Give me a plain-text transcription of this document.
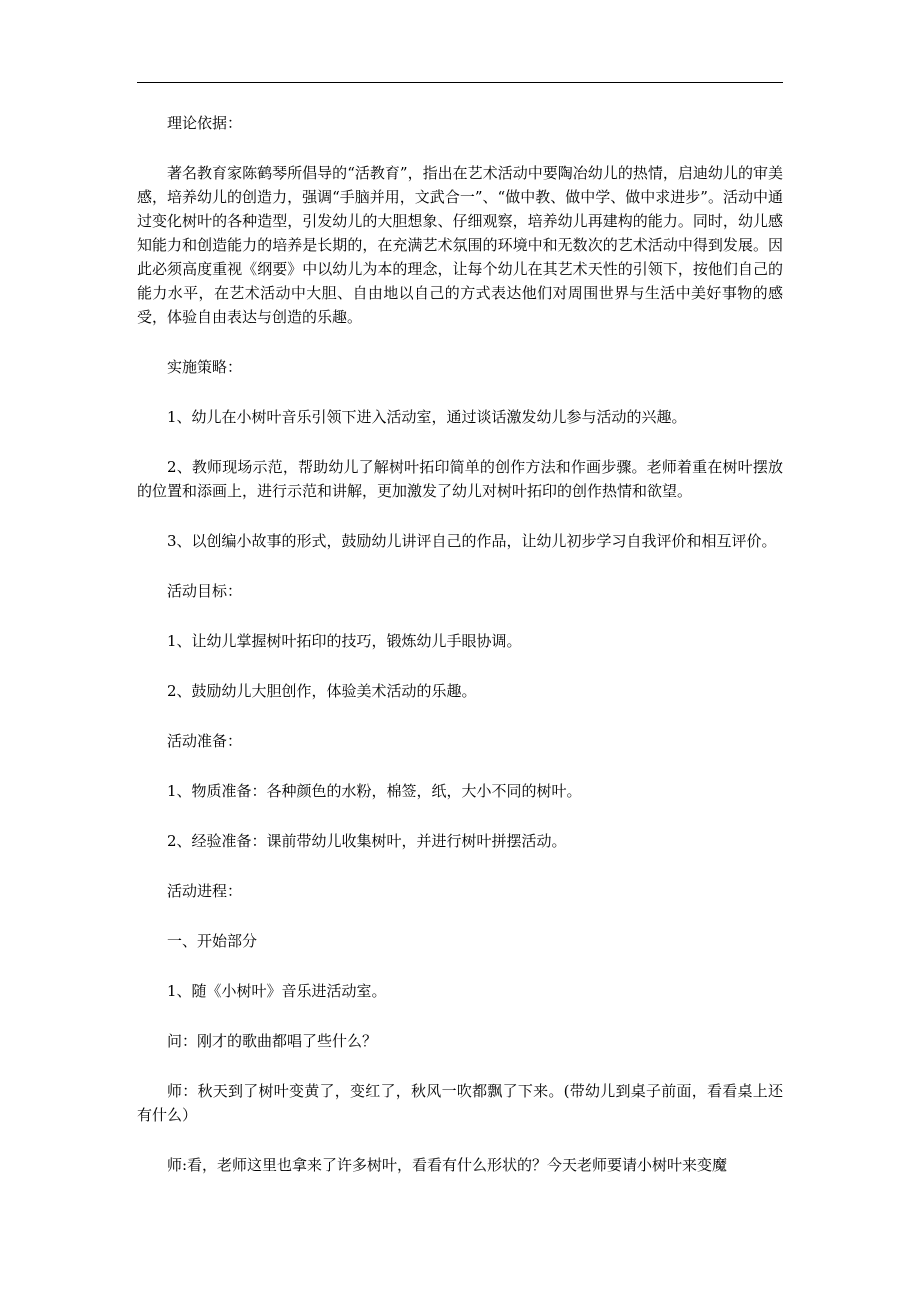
理论依据：

著名教育家陈鹤琴所倡导的“活教育”，指出在艺术活动中要陶冶幼儿的热情，启迪幼儿的审美感，培养幼儿的创造力，强调“手脑并用，文武合一”、“做中教、做中学、做中求进步”。活动中通过变化树叶的各种造型，引发幼儿的大胆想象、仔细观察，培养幼儿再建构的能力。同时，幼儿感知能力和创造能力的培养是长期的，在充满艺术氛围的环境中和无数次的艺术活动中得到发展。因此必须高度重视《纲要》中以幼儿为本的理念，让每个幼儿在其艺术天性的引领下，按他们自己的能力水平，在艺术活动中大胆、自由地以自己的方式表达他们对周围世界与生活中美好事物的感受，体验自由表达与创造的乐趣。

实施策略：

1、幼儿在小树叶音乐引领下进入活动室，通过谈话激发幼儿参与活动的兴趣。

2、教师现场示范，帮助幼儿了解树叶拓印简单的创作方法和作画步骤。老师着重在树叶摆放的位置和添画上，进行示范和讲解，更加激发了幼儿对树叶拓印的创作热情和欲望。

3、以创编小故事的形式，鼓励幼儿讲评自己的作品，让幼儿初步学习自我评价和相互评价。

活动目标：

1、让幼儿掌握树叶拓印的技巧，锻炼幼儿手眼协调。

2、鼓励幼儿大胆创作，体验美术活动的乐趣。

活动准备：

1、物质准备：各种颜色的水粉，棉签，纸，大小不同的树叶。

2、经验准备：课前带幼儿收集树叶，并进行树叶拼摆活动。

活动进程：

一、开始部分

1、随《小树叶》音乐进活动室。

问：刚才的歌曲都唱了些什么？

师：秋天到了树叶变黄了，变红了，秋风一吹都飘了下来。(带幼儿到桌子前面，看看桌上还有什么）

师:看，老师这里也拿来了许多树叶，看看有什么形状的？今天老师要请小树叶来变魔
